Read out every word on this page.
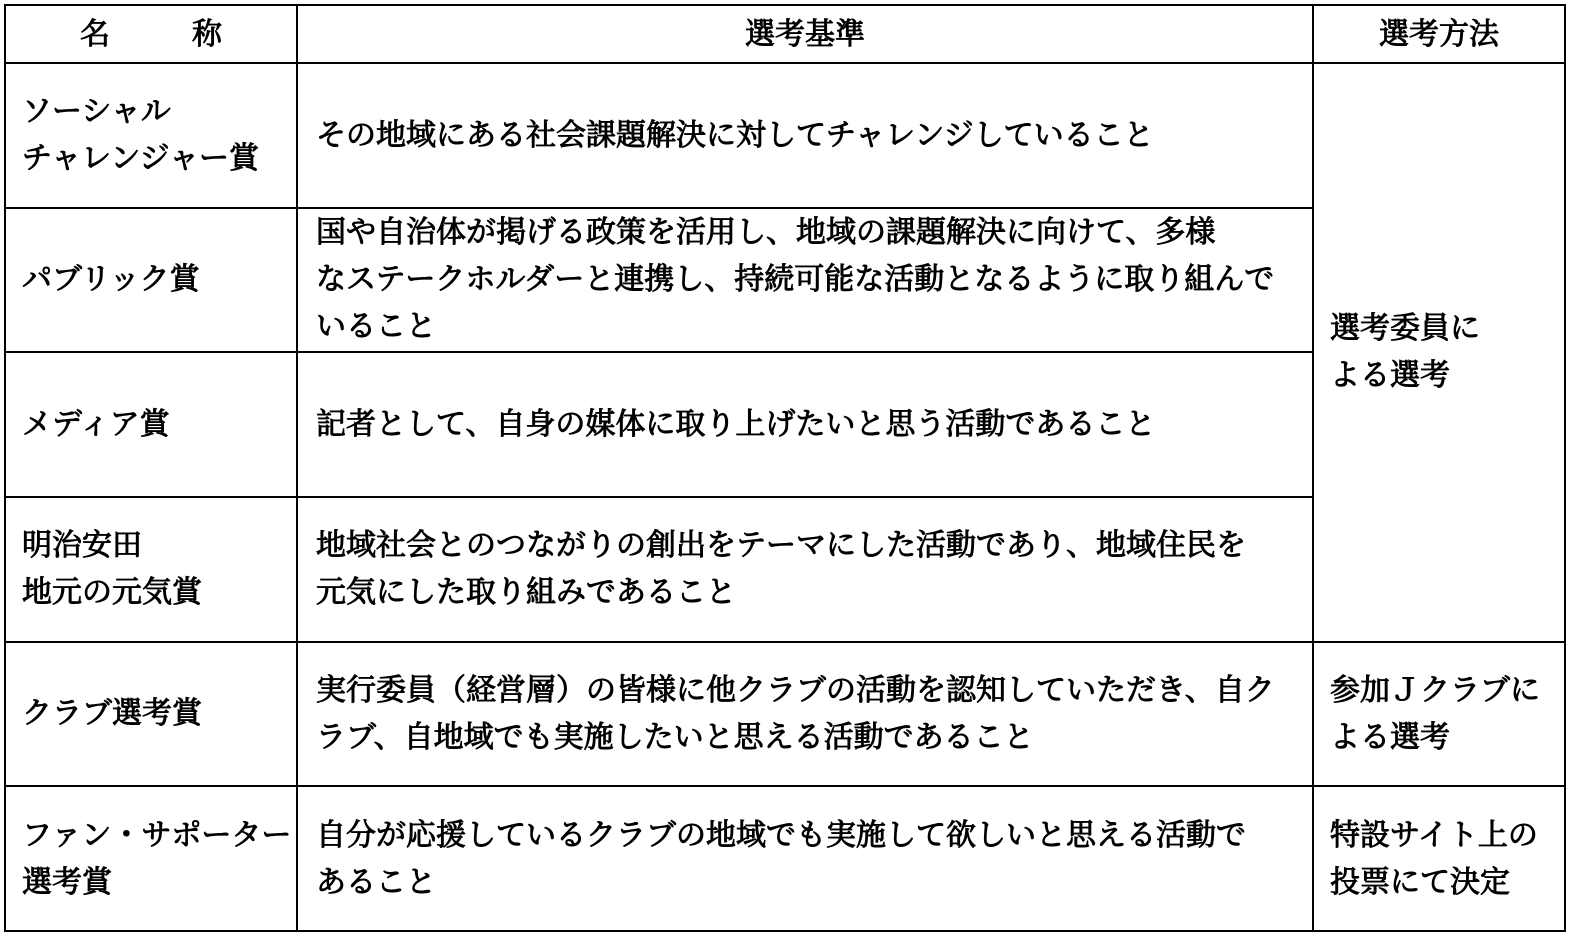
名　称	選考基準	選考方法

ソーシャル
チャレンジャー賞	その地域にある社会課題解決に対してチャレンジしていること	選考委員に
よる選考

パブリック賞	国や自治体が掲げる政策を活用し、地域の課題解決に向けて、多様
なステークホルダーと連携し、持続可能な活動となるように取り組んで
いること	

メディア賞	記者として、自身の媒体に取り上げたいと思う活動であること	

明治安田
地元の元気賞	地域社会とのつながりの創出をテーマにした活動であり、地域住民を
元気にした取り組みであること	

クラブ選考賞	実行委員（経営層）の皆様に他クラブの活動を認知していただき、自ク
ラブ、自地域でも実施したいと思える活動であること	参加Ｊクラブに
よる選考

ファン・サポーター
選考賞	自分が応援しているクラブの地域でも実施して欲しいと思える活動で
あること	特設サイト上の
投票にて決定
